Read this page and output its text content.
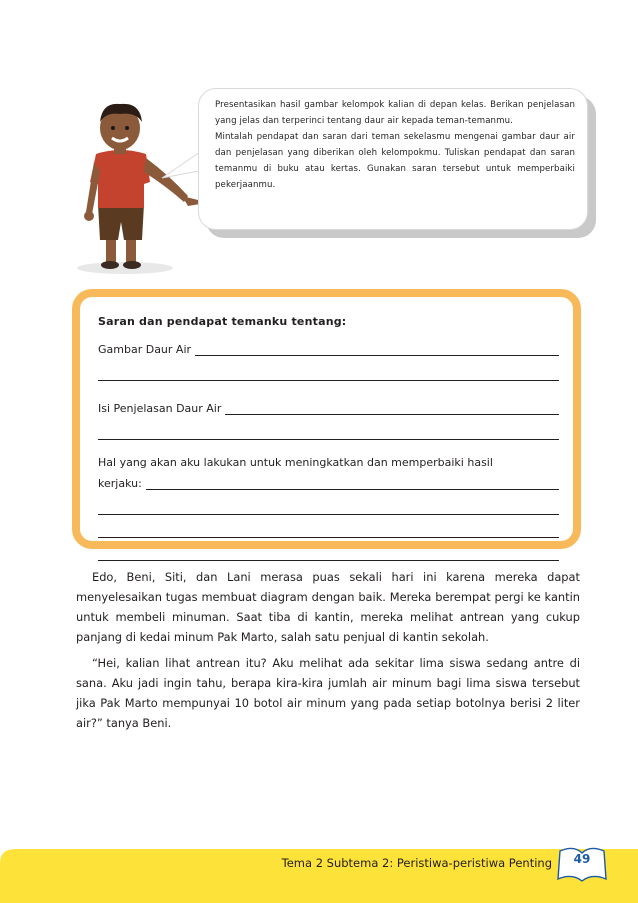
Presentasikan hasil gambar kelompok kalian di depan kelas. Berikan penjelasan yang jelas dan terperinci tentang daur air kepada teman-temanmu.

Mintalah pendapat dan saran dari teman sekelasmu mengenai gambar daur air dan penjelasan yang diberikan oleh kelompokmu. Tuliskan pendapat dan saran temanmu di buku atau kertas. Gunakan saran tersebut untuk memperbaiki pekerjaanmu.

Saran dan pendapat temanku tentang:
Gambar Daur Air
Isi Penjelasan Daur Air
Hal yang akan aku lakukan untuk meningkatkan dan memperbaiki hasil
kerjaku:

Edo, Beni, Siti, dan Lani merasa puas sekali hari ini karena mereka dapat menyelesaikan tugas membuat diagram dengan baik. Mereka berempat pergi ke kantin untuk membeli minuman. Saat tiba di kantin, mereka melihat antrean yang cukup panjang di kedai minum Pak Marto, salah satu penjual di kantin sekolah.

“Hei, kalian lihat antrean itu? Aku melihat ada sekitar lima siswa sedang antre di sana. Aku jadi ingin tahu, berapa kira-kira jumlah air minum bagi lima siswa tersebut jika Pak Marto mempunyai 10 botol air minum yang pada setiap botolnya berisi 2 liter air?” tanya Beni.

Tema 2 Subtema 2: Peristiwa-peristiwa Penting	49
